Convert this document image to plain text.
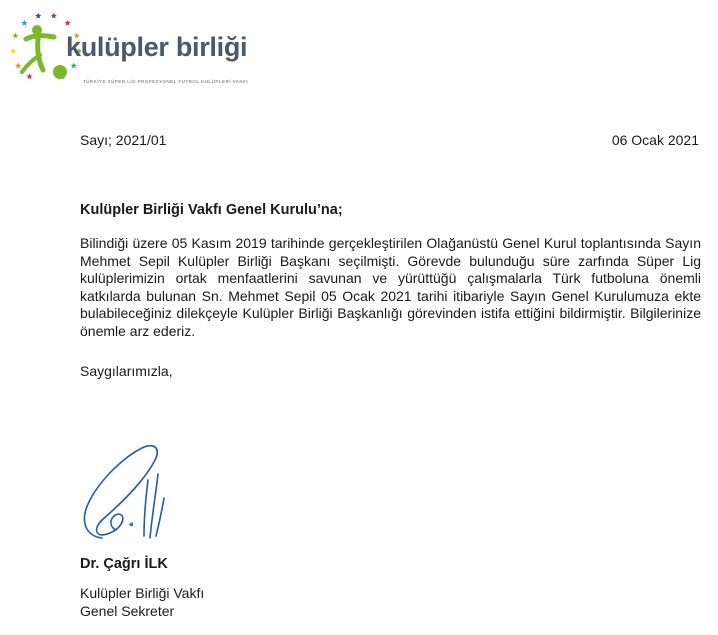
kulüpler birliği
TÜRKİYE SÜPER LİG PROFESYONEL FUTBOL KULÜPLERİ VAKFI
Sayı; 2021/01	06 Ocak 2021
Kulüpler Birliği Vakfı Genel Kurulu’na;
Bilindiği üzere 05 Kasım 2019 tarihinde gerçekleştirilen Olağanüstü Genel Kurul toplantısında Sayın Mehmet Sepil Kulüpler Birliği Başkanı seçilmişti. Görevde bulunduğu süre zarfında Süper Lig kulüplerimizin ortak menfaatlerini savunan ve yürüttüğü çalışmalarla Türk futboluna önemli katkılarda bulunan Sn. Mehmet Sepil 05 Ocak 2021 tarihi itibariyle Sayın Genel Kurulumuza ekte bulabileceğiniz dilekçeyle Kulüpler Birliği Başkanlığı görevinden istifa ettiğini bildirmiştir. Bilgilerinize önemle arz ederiz.
Saygılarımızla,
Dr. Çağrı İLK
Kulüpler Birliği Vakfı
Genel Sekreter
